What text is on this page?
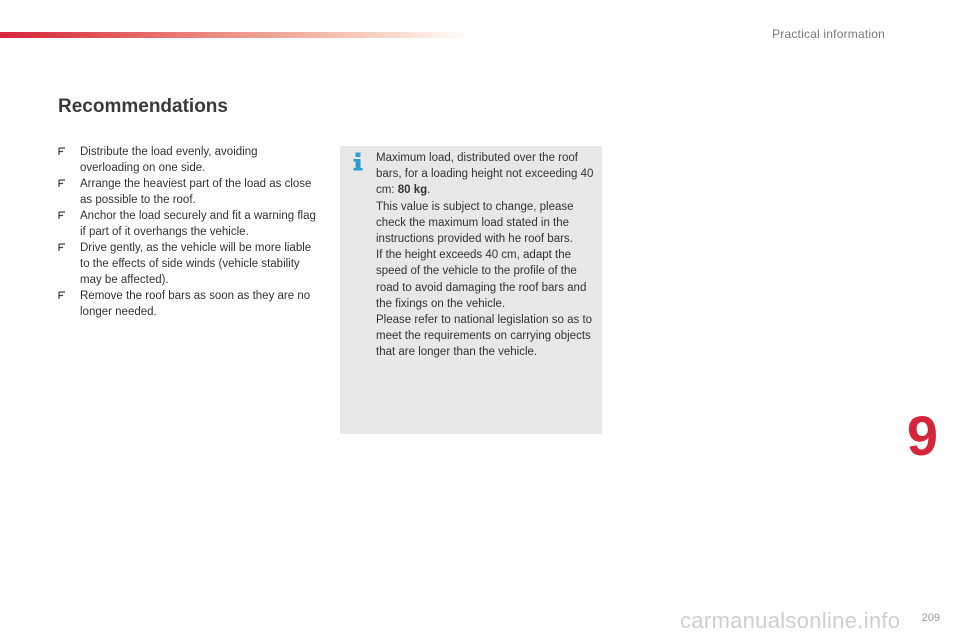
Practical information
Recommendations
Distribute the load evenly, avoiding overloading on one side.
Arrange the heaviest part of the load as close as possible to the roof.
Anchor the load securely and fit a warning flag if part of it overhangs the vehicle.
Drive gently, as the vehicle will be more liable to the effects of side winds (vehicle stability may be affected).
Remove the roof bars as soon as they are no longer needed.

Maximum load, distributed over the roof bars, for a loading height not exceeding 40 cm: 80 kg.

This value is subject to change, please check the maximum load stated in the instructions provided with he roof bars.

If the height exceeds 40 cm, adapt the speed of the vehicle to the profile of the road to avoid damaging the roof bars and the fixings on the vehicle.

Please refer to national legislation so as to meet the requirements on carrying objects that are longer than the vehicle.

9
209
carmanualsonline.info
